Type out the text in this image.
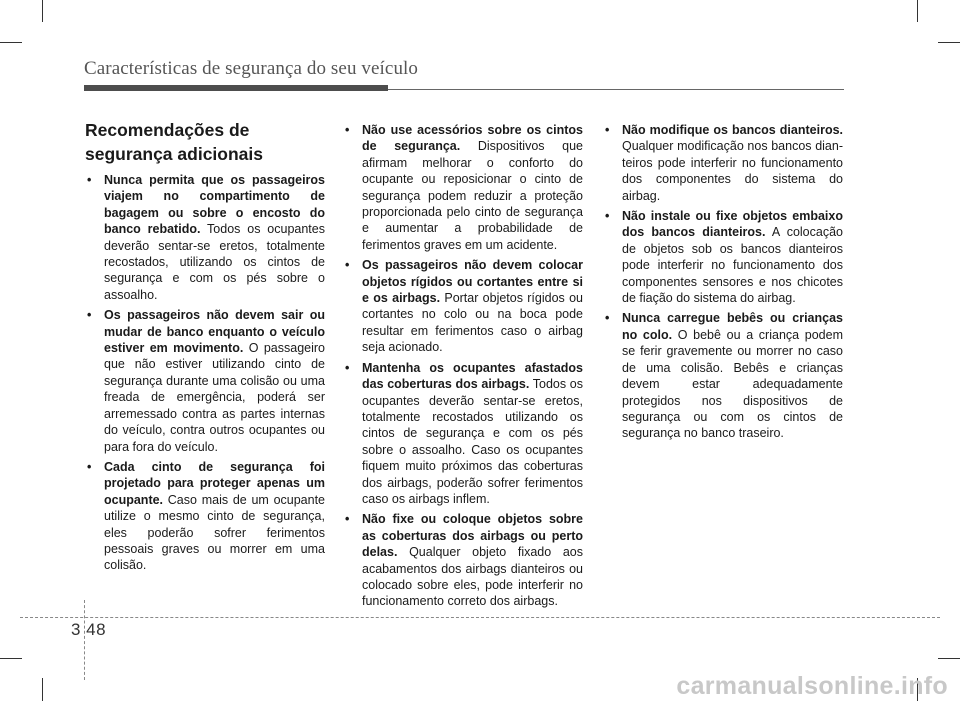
Características de segurança do seu veículo
Recomendações de segurança adicionais
• Nunca permita que os passageiros viajem no compartimento de bagagem ou sobre o encosto do banco rebatido. Todos os ocupantes deverão sentar-se eretos, totalmente recostados, utilizando os cintos de segurança e com os pés sobre o assoalho.
• Os passageiros não devem sair ou mudar de banco enquanto o veículo estiver em movimento. O passageiro que não estiver utilizando cinto de segurança durante uma colisão ou uma freada de emergência, poderá ser arremessado contra as partes internas do veículo, contra outros ocupantes ou para fora do veículo.
• Cada cinto de segurança foi projetado para proteger apenas um ocupante. Caso mais de um ocupante utilize o mesmo cinto de segurança, eles poderão sofrer ferimentos pessoais graves ou morrer em uma colisão.
• Não use acessórios sobre os cintos de segurança. Dispositivos que afirmam melhorar o conforto do ocupante ou reposicionar o cinto de segurança podem reduzir a proteção proporcionada pelo cinto de segurança e aumentar a probabilidade de ferimentos graves em um acidente.
• Os passageiros não devem colocar objetos rígidos ou cortantes entre si e os airbags. Portar objetos rígidos ou cortantes no colo ou na boca pode resultar em ferimentos caso o airbag seja acionado.
• Mantenha os ocupantes afastados das coberturas dos airbags. Todos os ocupantes deverão sentar-se eretos, totalmente recostados utilizando os cintos de segurança e com os pés sobre o assoalho. Caso os ocupantes fiquem muito próximos das coberturas dos airbags, poderão sofrer ferimentos caso os airbags inflem.
• Não fixe ou coloque objetos sobre as coberturas dos airbags ou perto delas. Qualquer objeto fixado aos acabamentos dos airbags dianteiros ou colocado sobre eles, pode interferir no funcionamento correto dos airbags.
• Não modifique os bancos dianteiros. Qualquer modificação nos bancos dianteiros pode interferir no funcionamento dos componentes do sistema do airbag.
• Não instale ou fixe objetos embaixo dos bancos dianteiros. A colocação de objetos sob os bancos dianteiros pode interferir no funcionamento dos componentes sensores e nos chicotes de fiação do sistema do airbag.
• Nunca carregue bebês ou crianças no colo. O bebê ou a criança podem se ferir gravemente ou morrer no caso de uma colisão. Bebês e crianças devem estar adequadamente protegidos nos dispositivos de segurança ou com os cintos de segurança no banco traseiro.
3 48
carmanualsonline.info
